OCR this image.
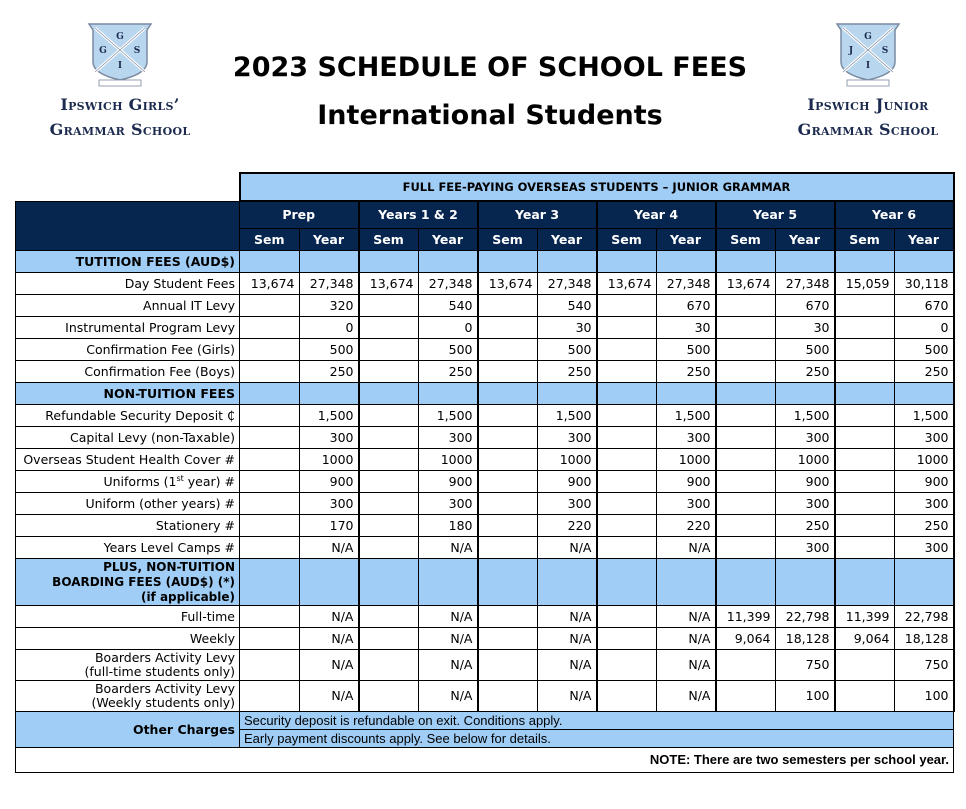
G
G	S
I
Ipswich Girls’
Grammar School
2023 SCHEDULE OF SCHOOL FEES
International Students
G
J	S
I
Ipswich Junior
Grammar School
	FULL FEE-PAYING OVERSEAS STUDENTS – JUNIOR GRAMMAR											
	Prep		Years 1 & 2		Year 3		Year 4		Year 5		Year 6	
	Sem	Year	Sem	Year	Sem	Year	Sem	Year	Sem	Year	Sem	Year
TUTITION FEES (AUD$)												
Day Student Fees	13,674	27,348	13,674	27,348	13,674	27,348	13,674	27,348	13,674	27,348	15,059	30,118
Annual IT Levy		320		540		540		670		670		670
Instrumental Program Levy		0		0		30		30		30		0
Confirmation Fee (Girls)		500		500		500		500		500		500
Confirmation Fee (Boys)		250		250		250		250		250		250
NON-TUITION FEES												
Refundable Security Deposit ₵		1,500		1,500		1,500		1,500		1,500		1,500
Capital Levy (non-Taxable)		300		300		300		300		300		300
Overseas Student Health Cover #		1000		1000		1000		1000		1000		1000
Uniforms (1st year) #		900		900		900		900		900		900
Uniform (other years) #		300		300		300		300		300		300
Stationery #		170		180		220		220		250		250
Years Level Camps #		N/A		N/A		N/A		N/A		300		300

PLUS, NON-TUITION
BOARDING FEES (AUD$) (*)
(if applicable)												

Full-time		N/A		N/A		N/A		N/A	11,399	22,798	11,399	22,798
Weekly		N/A		N/A		N/A		N/A	9,064	18,128	9,064	18,128

Boarders Activity Levy
(full-time students only)		N/A		N/A		N/A		N/A		750		750

Boarders Activity Levy
(Weekly students only)		N/A		N/A		N/A		N/A		100		100
Other Charges	Security deposit is refundable on exit. Conditions apply.											
	Early payment discounts apply. See below for details.											
NOTE: There are two semesters per school year.												
